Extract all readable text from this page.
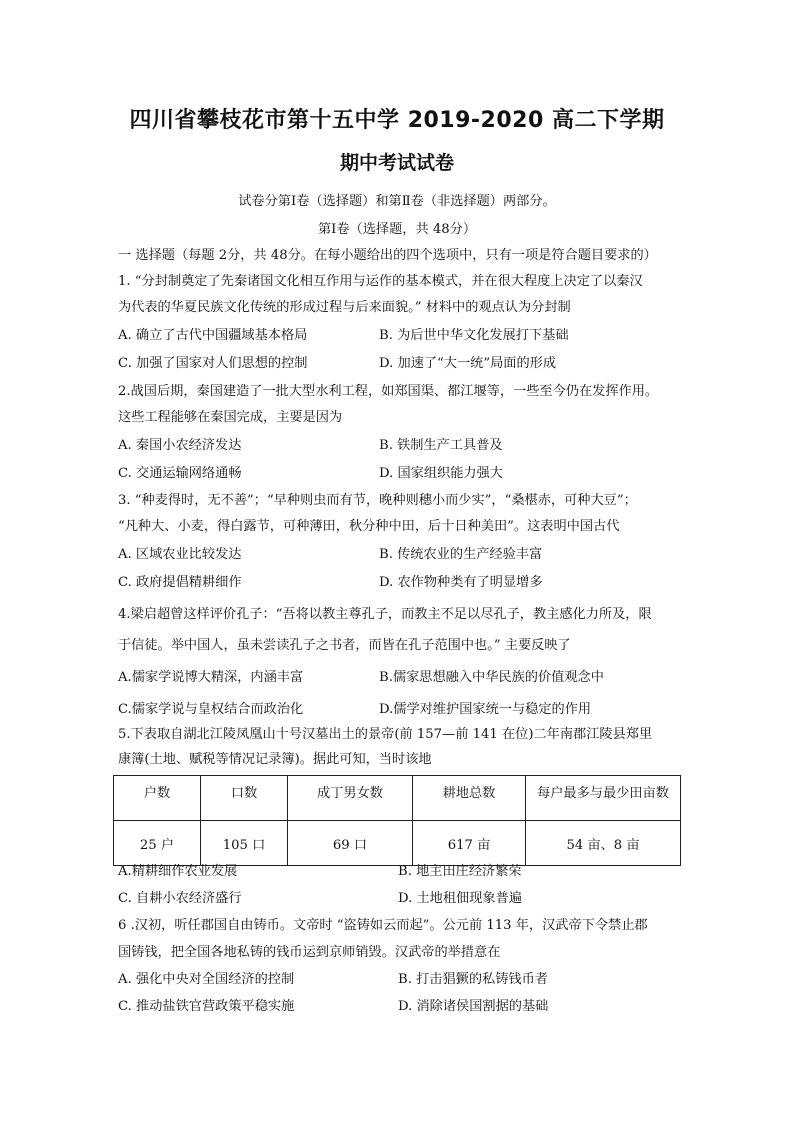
四川省攀枝花市第十五中学 2019-2020 高二下学期
期中考试试卷
试卷分第Ⅰ卷（选择题）和第Ⅱ卷（非选择题）两部分。
第Ⅰ卷（选择题，共 48分）
一 选择题（每题 2分，共 48分。在每小题给出的四个选项中，只有一项是符合题目要求的）
1. “分封制奠定了先秦诸国文化相互作用与运作的基本模式，并在很大程度上决定了以秦汉
为代表的华夏民族文化传统的形成过程与后来面貌。” 材料中的观点认为分封制
A. 确立了古代中国疆域基本格局	B. 为后世中华文化发展打下基础
C. 加强了国家对人们思想的控制	D. 加速了“大一统”局面的形成
2.战国后期，秦国建造了一批大型水利工程，如郑国渠、都江堰等，一些至今仍在发挥作用。
这些工程能够在秦国完成，主要是因为
A. 秦国小农经济发达	B. 铁制生产工具普及
C. 交通运输网络通畅	D. 国家组织能力强大
3. “种麦得时，无不善”；“早种则虫而有节，晚种则穗小而少实”，“桑椹赤，可种大豆”；
“凡种大、小麦，得白露节，可种薄田，秋分种中田，后十日种美田”。这表明中国古代
A. 区域农业比较发达	B. 传统农业的生产经验丰富
C. 政府提倡精耕细作	D. 农作物种类有了明显增多
4.梁启超曾这样评价孔子：“吾将以教主尊孔子，而教主不足以尽孔子，教主感化力所及，限
于信徒。举中国人，虽未尝读孔子之书者，而皆在孔子范围中也。” 主要反映了
A.儒家学说博大精深，内涵丰富	B.儒家思想融入中华民族的价值观念中
C.儒家学说与皇权结合而政治化	D.儒学对维护国家统一与稳定的作用
5.下表取自湖北江陵凤凰山十号汉墓出土的景帝(前 157—前 141 在位)二年南郡江陵县郑里
康簿(土地、赋税等情况记录簿)。据此可知，当时该地
户数	口数	成丁男女数	耕地总数	每户最多与最少田亩数
25 户	105 口	69 口	617 亩	54 亩、8 亩
A.精耕细作农业发展	B. 地主田庄经济繁荣
C. 自耕小农经济盛行	D. 土地租佃现象普遍
6 .汉初，听任郡国自由铸币。文帝时 “盗铸如云而起”。公元前 113 年，汉武帝下令禁止郡
国铸钱，把全国各地私铸的钱币运到京师销毁。汉武帝的举措意在
A. 强化中央对全国经济的控制	B. 打击猖獗的私铸钱币者
C. 推动盐铁官营政策平稳实施	D. 消除诸侯国割据的基础
